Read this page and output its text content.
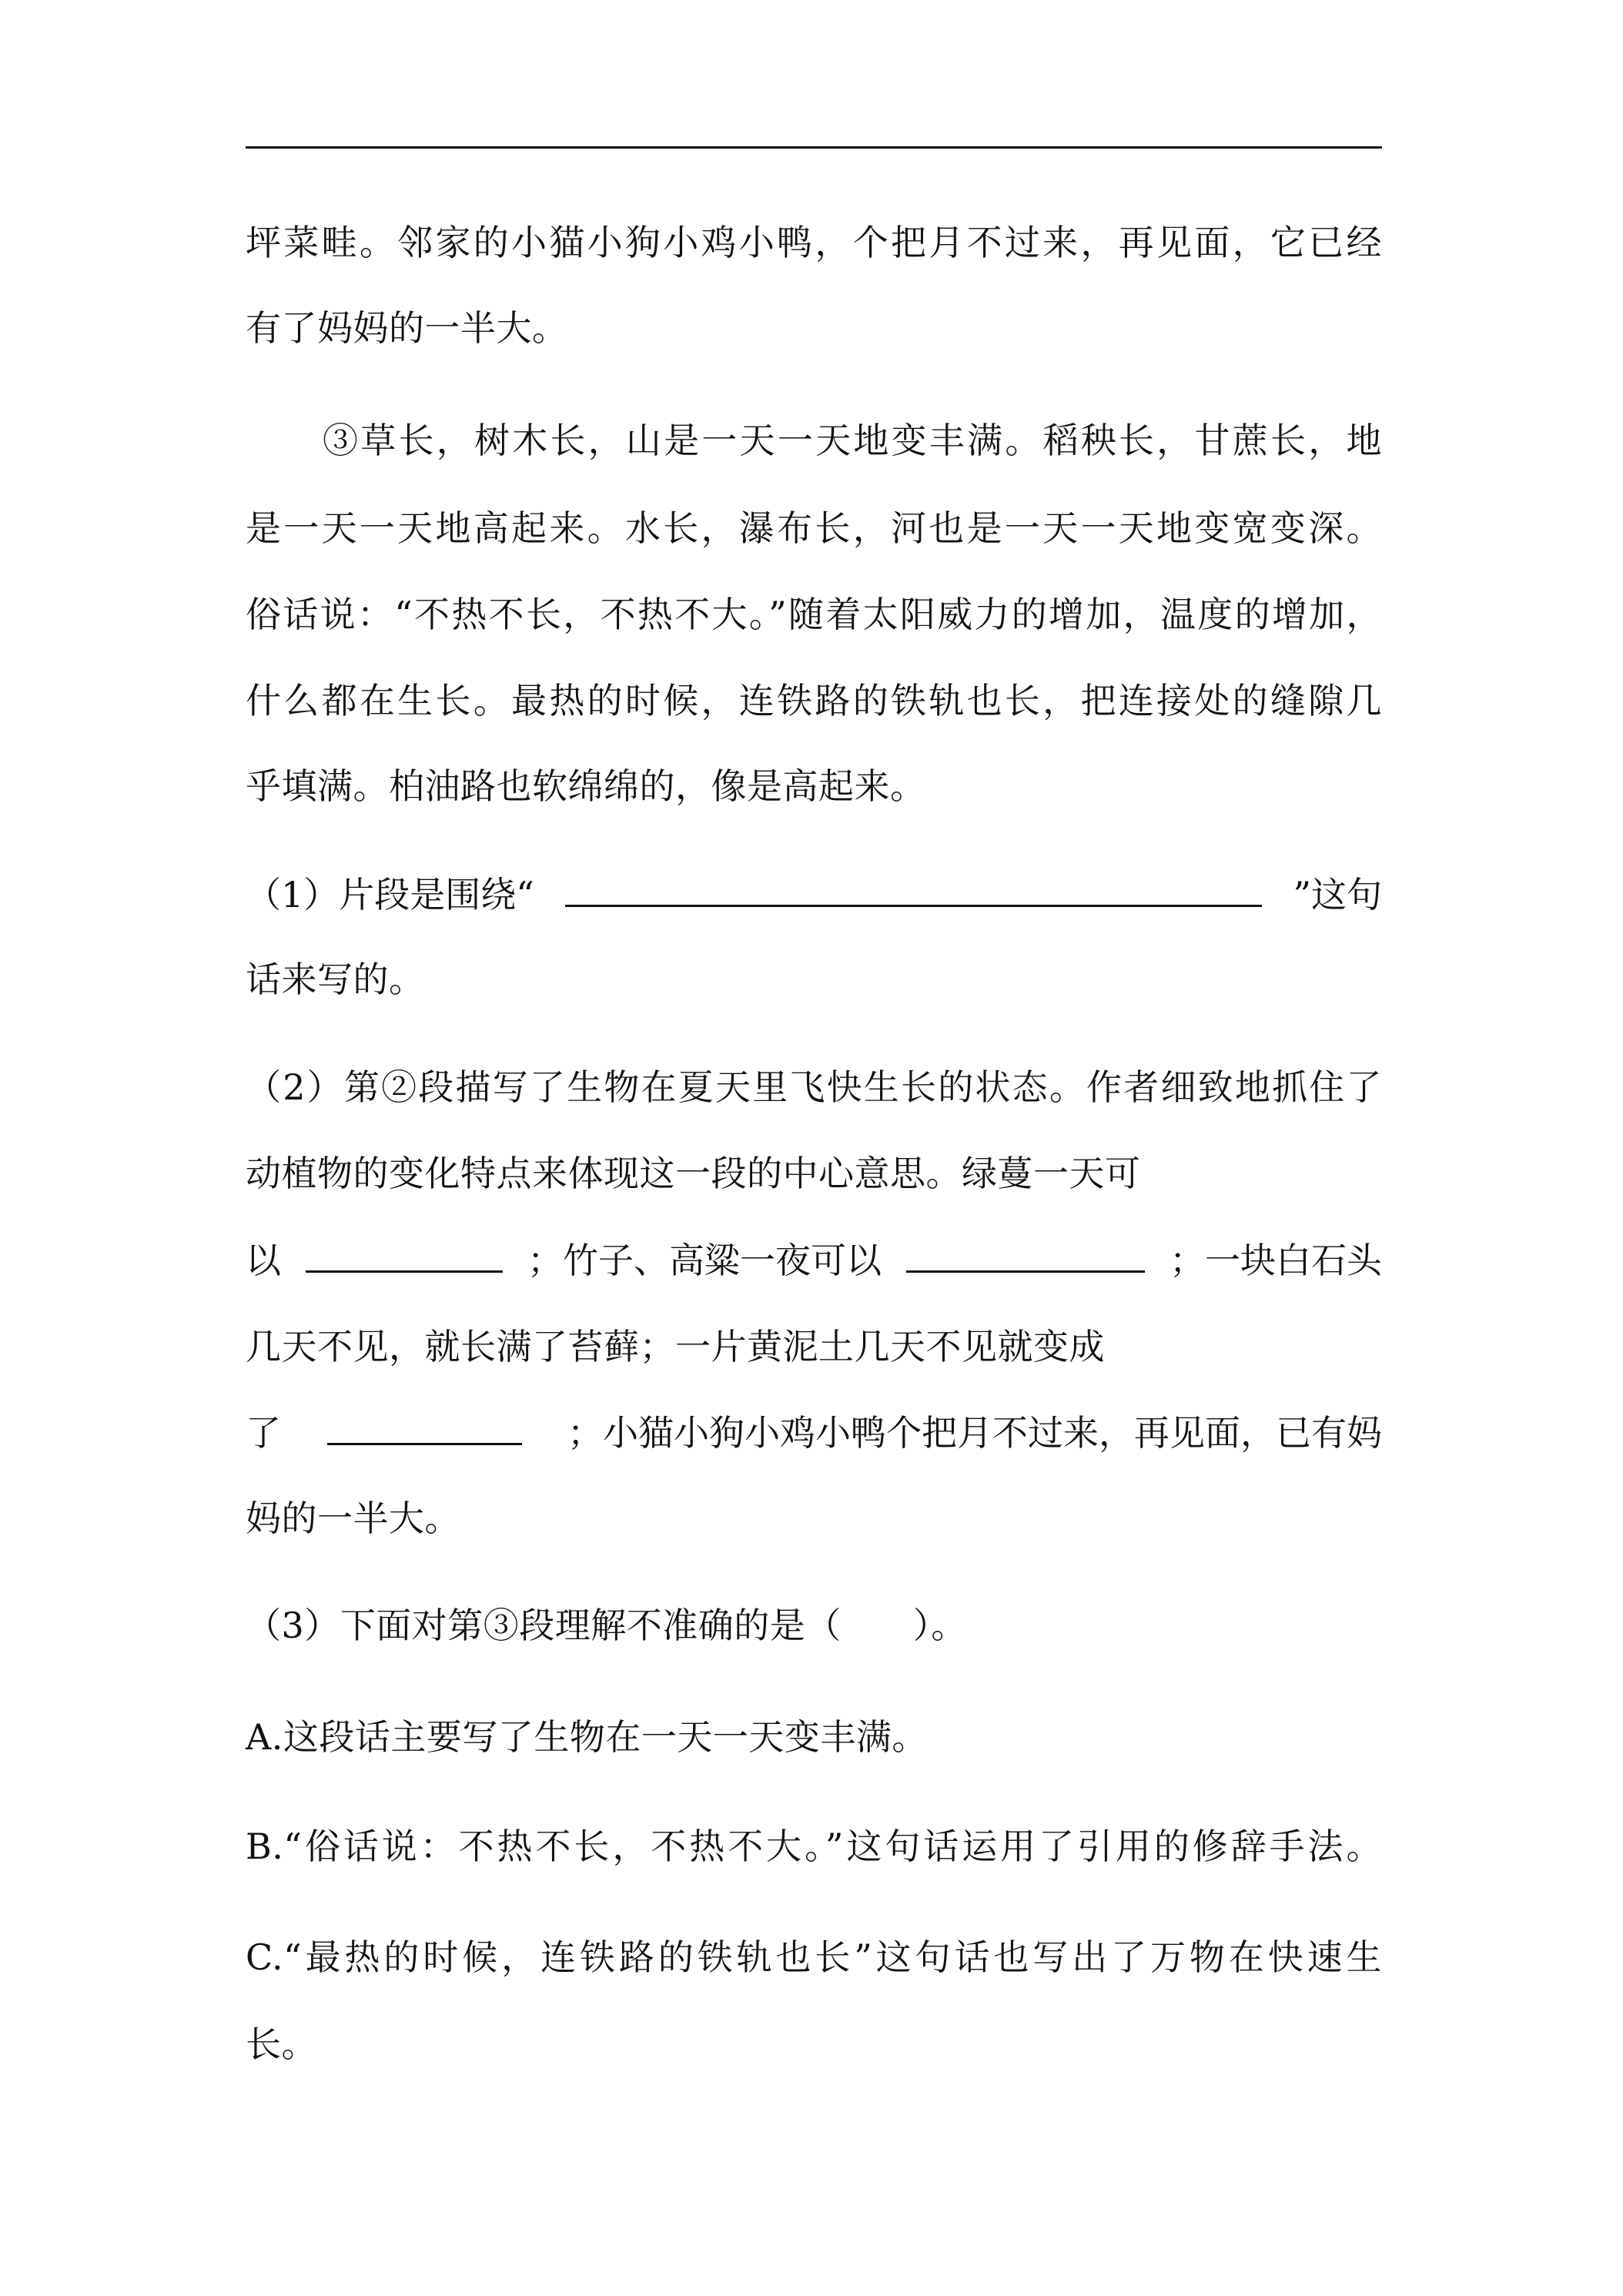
坪菜畦。邻家的小猫小狗小鸡小鸭，个把月不过来，再见面，它已经
有了妈妈的一半大。
③草长，树木长，山是一天一天地变丰满。稻秧长，甘蔗长，地
是一天一天地高起来。水长，瀑布长，河也是一天一天地变宽变深。
俗话说：“不热不长，不热不大。”随着太阳威力的增加，温度的增加，
什么都在生长。最热的时候，连铁路的铁轨也长，把连接处的缝隙几
乎填满。柏油路也软绵绵的，像是高起来。
（1）片段是围绕“	”这句
话来写的。
（2）第②段描写了生物在夏天里飞快生长的状态。作者细致地抓住了
动植物的变化特点来体现这一段的中心意思。绿蔓一天可
以	；竹子、高粱一夜可以	；一块白石头
几天不见，就长满了苔藓；一片黄泥土几天不见就变成
了	；小猫小狗小鸡小鸭个把月不过来，再见面，已有妈
妈的一半大。
（3）下面对第③段理解不准确的是（　　）。
A.这段话主要写了生物在一天一天变丰满。
B.“俗话说：不热不长，不热不大。”这句话运用了引用的修辞手法。
C.“最热的时候，连铁路的铁轨也长”这句话也写出了万物在快速生
长。
